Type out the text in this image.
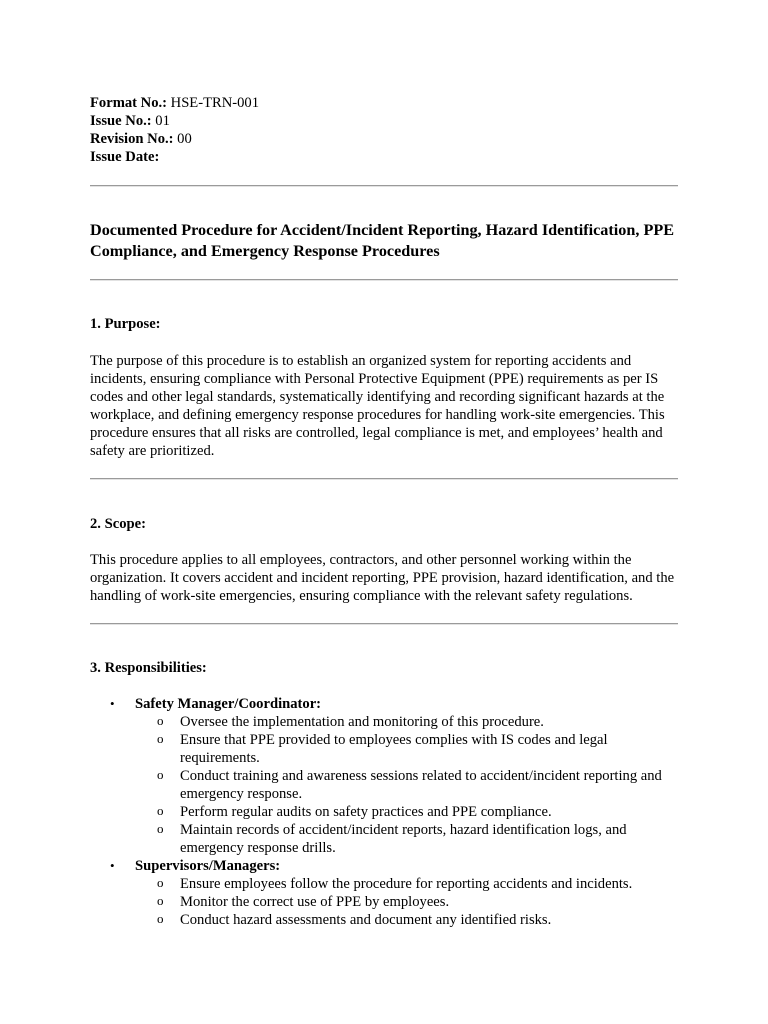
Format No.: HSE-TRN-001

Issue No.: 01

Revision No.: 00

Issue Date:

Documented Procedure for Accident/Incident Reporting, Hazard Identification, PPE Compliance, and Emergency Response Procedures

1. Purpose:

The purpose of this procedure is to establish an organized system for reporting accidents and incidents, ensuring compliance with Personal Protective Equipment (PPE) requirements as per IS codes and other legal standards, systematically identifying and recording significant hazards at the workplace, and defining emergency response procedures for handling work-site emergencies. This procedure ensures that all risks are controlled, legal compliance is met, and employees’ health and safety are prioritized.

2. Scope:

This procedure applies to all employees, contractors, and other personnel working within the organization. It covers accident and incident reporting, PPE provision, hazard identification, and the handling of work-site emergencies, ensuring compliance with the relevant safety regulations.

3. Responsibilities:

• Safety Manager/Coordinator:
o Oversee the implementation and monitoring of this procedure.
o Ensure that PPE provided to employees complies with IS codes and legal requirements.
o Conduct training and awareness sessions related to accident/incident reporting and emergency response.
o Perform regular audits on safety practices and PPE compliance.
o Maintain records of accident/incident reports, hazard identification logs, and emergency response drills.
• Supervisors/Managers:
o Ensure employees follow the procedure for reporting accidents and incidents.
o Monitor the correct use of PPE by employees.
o Conduct hazard assessments and document any identified risks.
